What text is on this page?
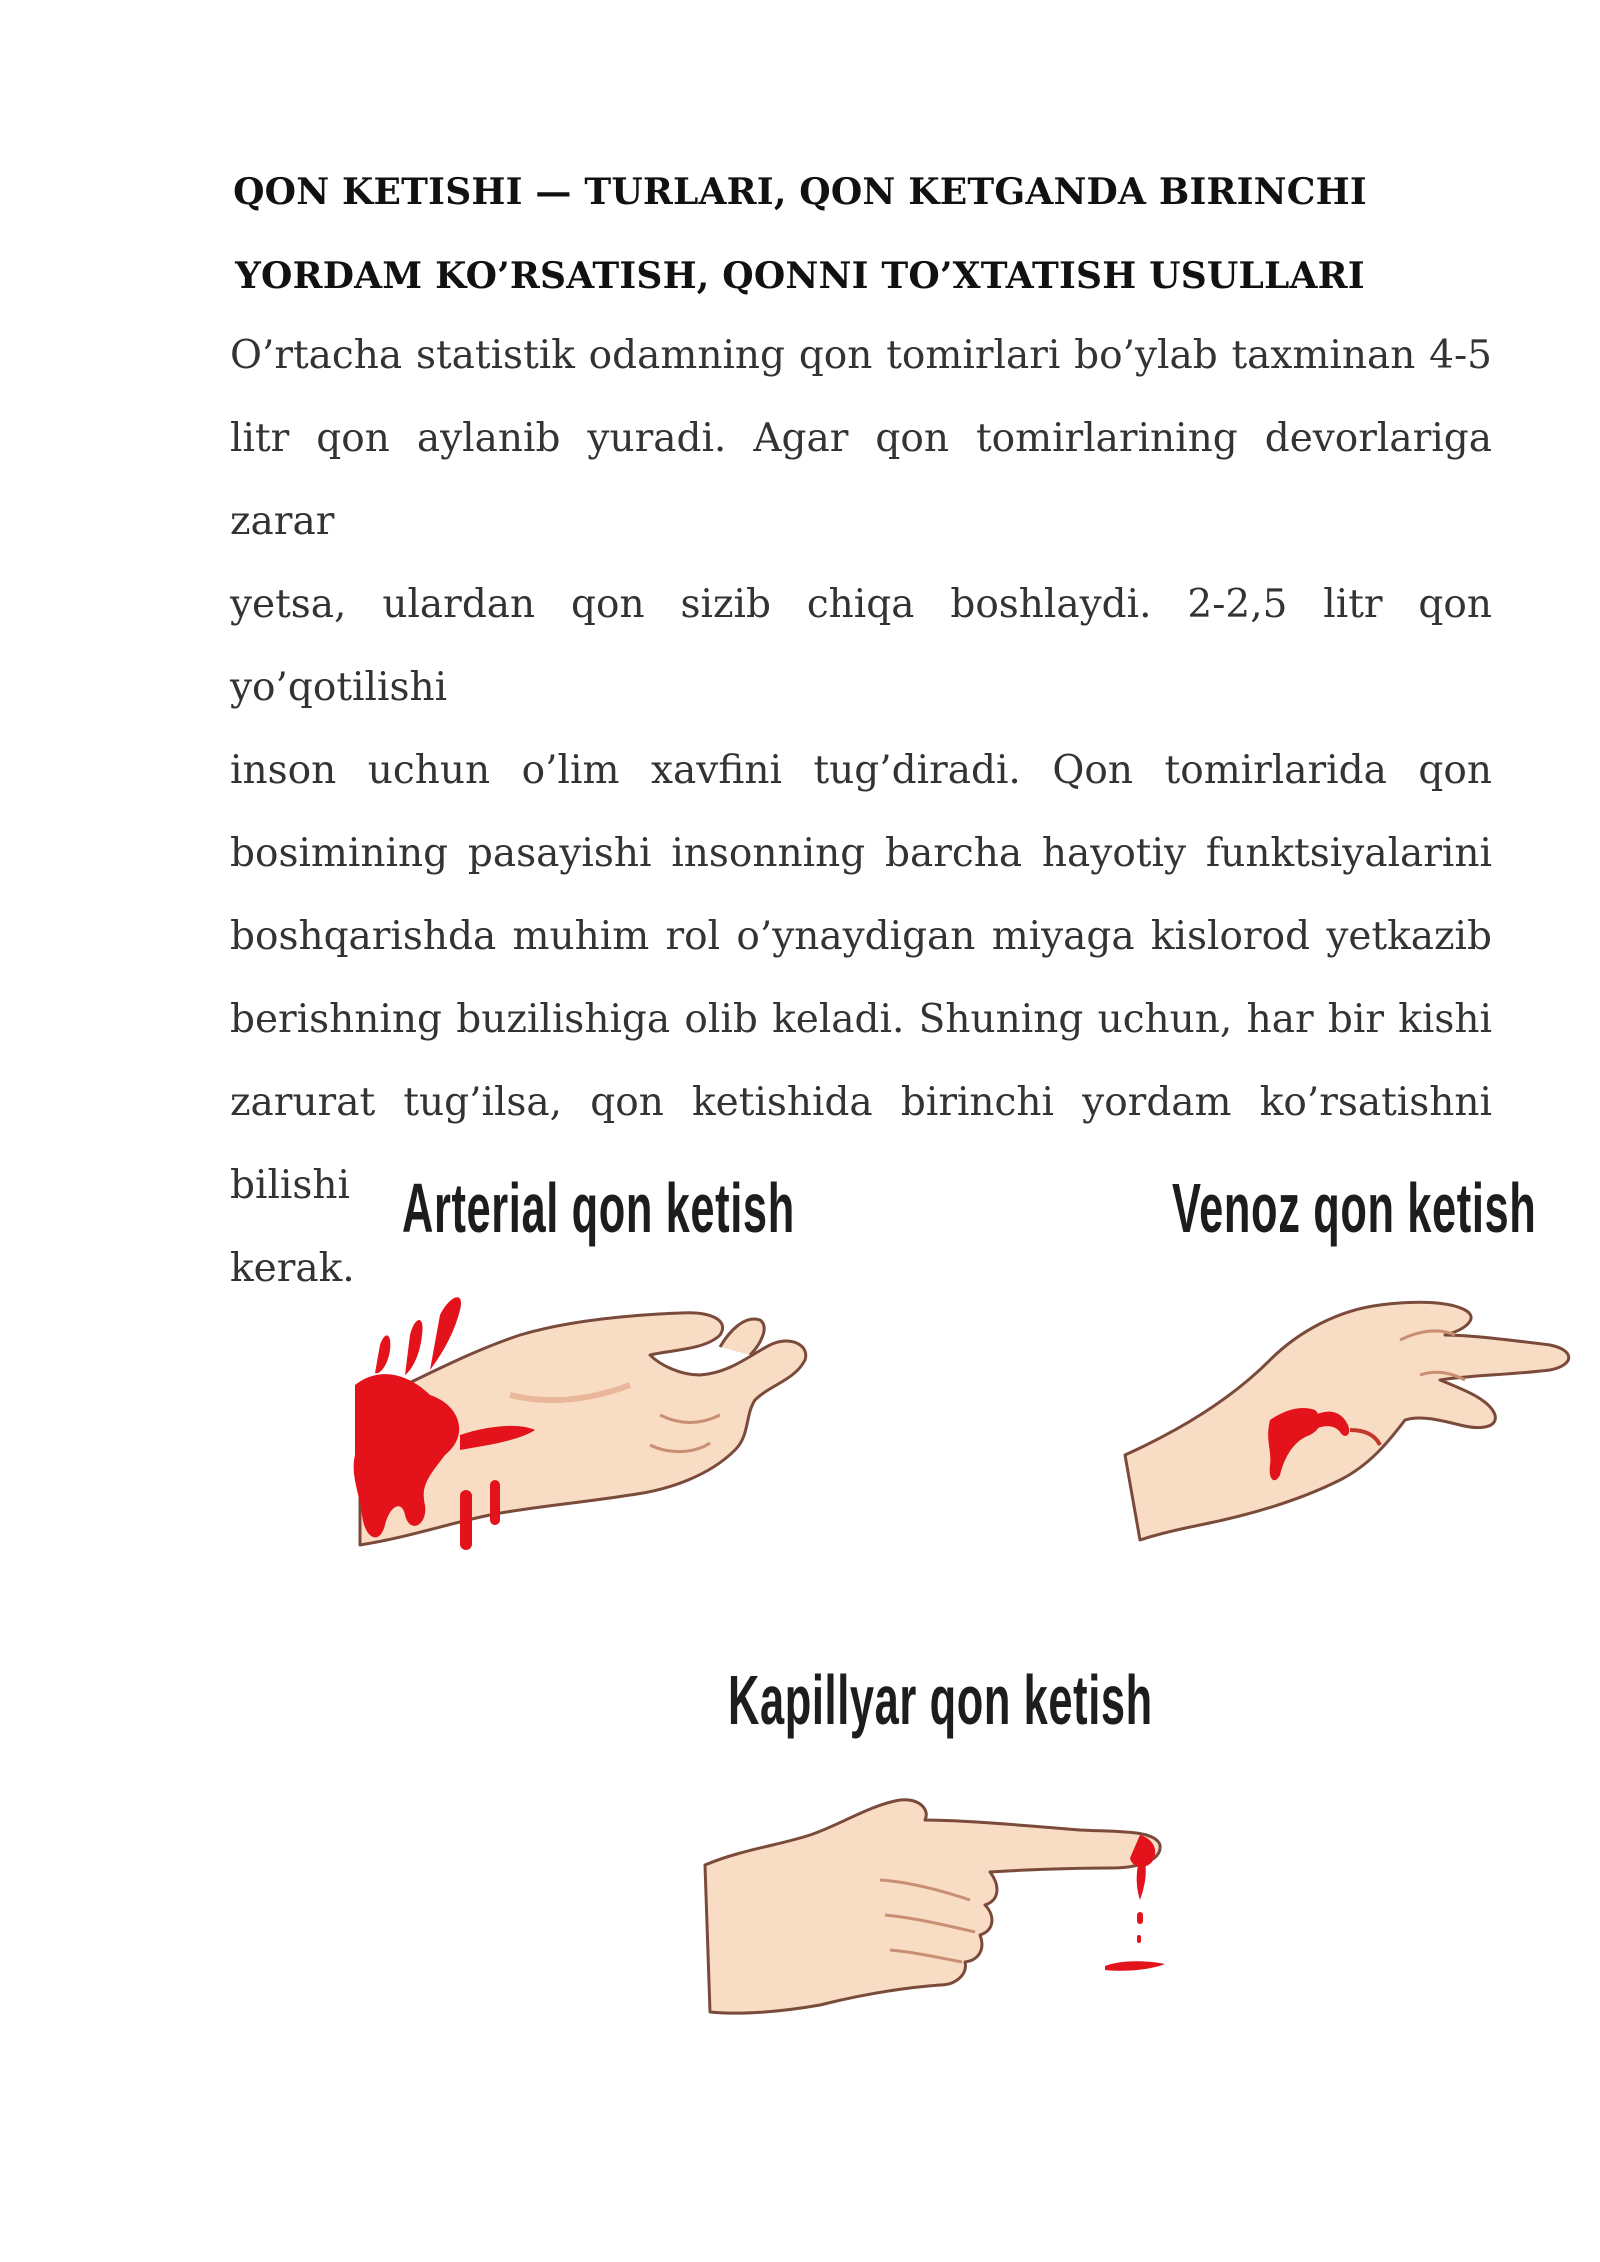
QON KETISHI — TURLARI, QON KETGANDA BIRINCHI
YORDAM KO’RSATISH, QONNI TO’XTATISH USULLARI
O’rtacha statistik odamning qon tomirlari bo’ylab taxminan 4-5
litr qon aylanib yuradi. Agar qon tomirlarining devorlariga zarar
yetsa, ulardan qon sizib chiqa boshlaydi. 2-2,5 litr qon yo’qotilishi
inson uchun o’lim xavfini tug’diradi. Qon tomirlarida qon
bosimining pasayishi insonning barcha hayotiy funktsiyalarini
boshqarishda muhim rol o’ynaydigan miyaga kislorod yetkazib
berishning buzilishiga olib keladi. Shuning uchun, har bir kishi
zarurat tug’ilsa, qon ketishida birinchi yordam ko’rsatishni bilishi
kerak.
Arterial qon ketish	Venoz qon ketish
Kapillyar qon ketish
